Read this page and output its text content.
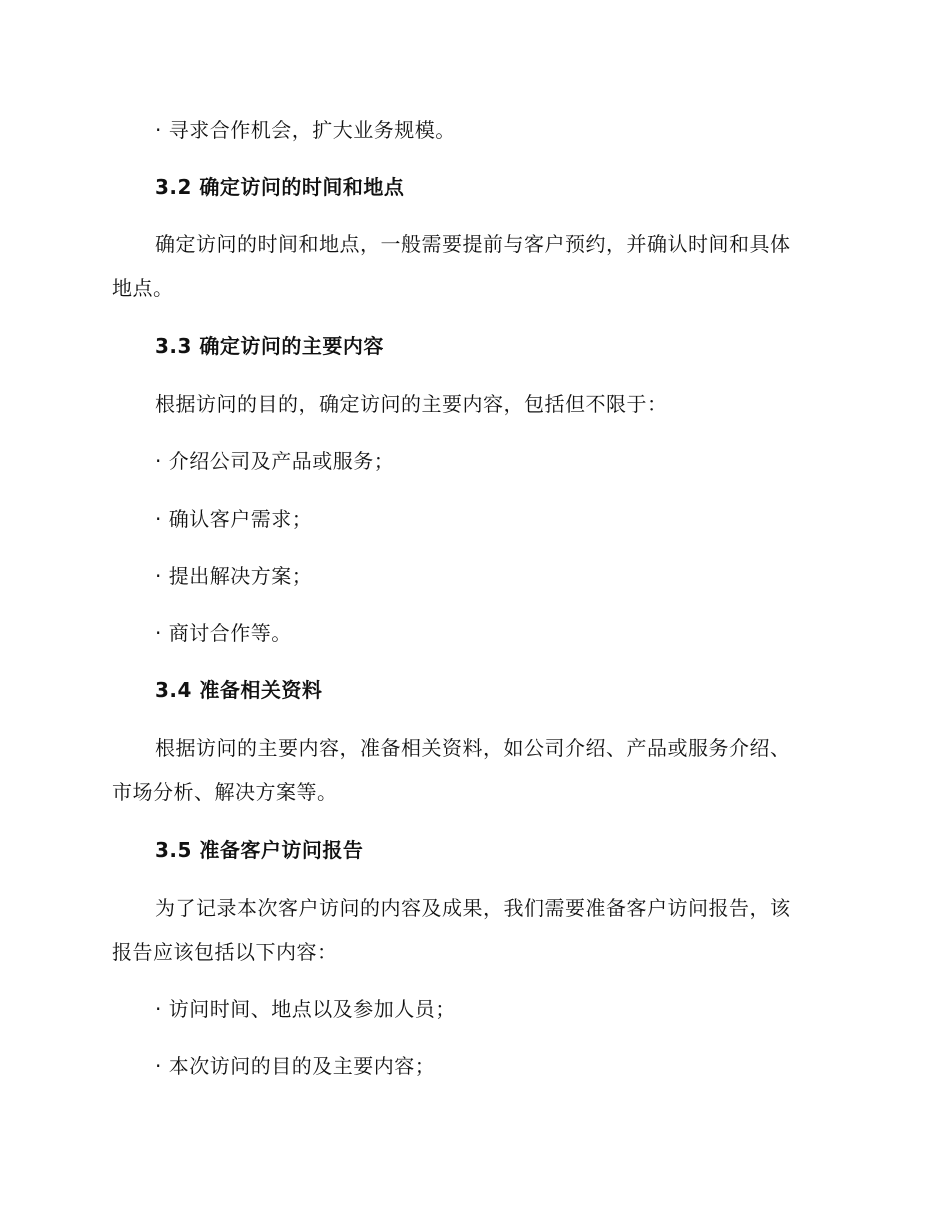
· 寻求合作机会，扩大业务规模。
3.2 确定访问的时间和地点
确定访问的时间和地点，一般需要提前与客户预约，并确认时间和具体
地点。
3.3 确定访问的主要内容
根据访问的目的，确定访问的主要内容，包括但不限于：
· 介绍公司及产品或服务；
· 确认客户需求；
· 提出解决方案；
· 商讨合作等。
3.4 准备相关资料
根据访问的主要内容，准备相关资料，如公司介绍、产品或服务介绍、
市场分析、解决方案等。
3.5 准备客户访问报告
为了记录本次客户访问的内容及成果，我们需要准备客户访问报告，该
报告应该包括以下内容：
· 访问时间、地点以及参加人员；
· 本次访问的目的及主要内容；
